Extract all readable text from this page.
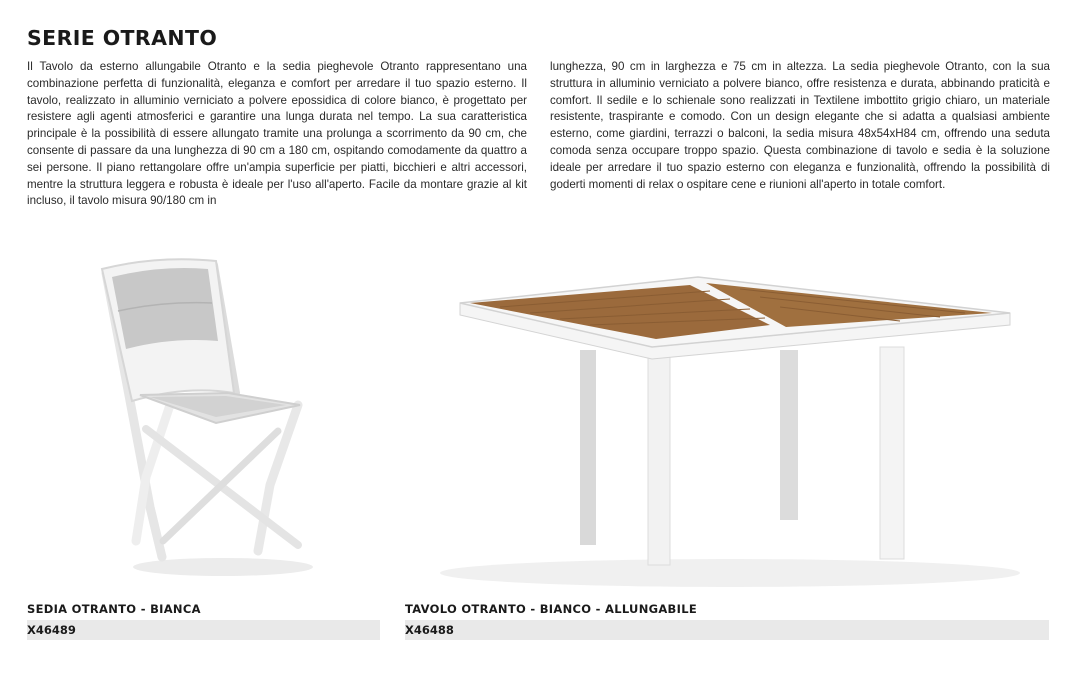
SERIE OTRANTO

Il Tavolo da esterno allungabile Otranto e la sedia pieghevole Otranto rappresentano una combinazione perfetta di funzionalità, eleganza e comfort per arredare il tuo spazio esterno. Il tavolo, realizzato in alluminio verniciato a polvere epossidica di colore bianco, è progettato per resistere agli agenti atmosferici e garantire una lunga durata nel tempo. La sua caratteristica principale è la possibilità di essere allungato tramite una prolunga a scorrimento da 90 cm, che consente di passare da una lunghezza di 90 cm a 180 cm, ospitando comodamente da quattro a sei persone. Il piano rettangolare offre un'ampia superficie per piatti, bicchieri e altri accessori, mentre la struttura leggera e robusta è ideale per l'uso all'aperto. Facile da montare grazie al kit incluso, il tavolo misura 90/180 cm in

lunghezza, 90 cm in larghezza e 75 cm in altezza. La sedia pieghevole Otranto, con la sua struttura in alluminio verniciato a polvere bianco, offre resistenza e durata, abbinando praticità e comfort. Il sedile e lo schienale sono realizzati in Textilene imbottito grigio chiaro, un materiale resistente, traspirante e comodo. Con un design elegante che si adatta a qualsiasi ambiente esterno, come giardini, terrazzi o balconi, la sedia misura 48x54xH84 cm, offrendo una seduta comoda senza occupare troppo spazio. Questa combinazione di tavolo e sedia è la soluzione ideale per arredare il tuo spazio esterno con eleganza e funzionalità, offrendo la possibilità di goderti momenti di relax o ospitare cene e riunioni all'aperto in totale comfort.

SEDIA OTRANTO - BIANCA
X46489
TAVOLO OTRANTO - BIANCO - ALLUNGABILE
X46488
